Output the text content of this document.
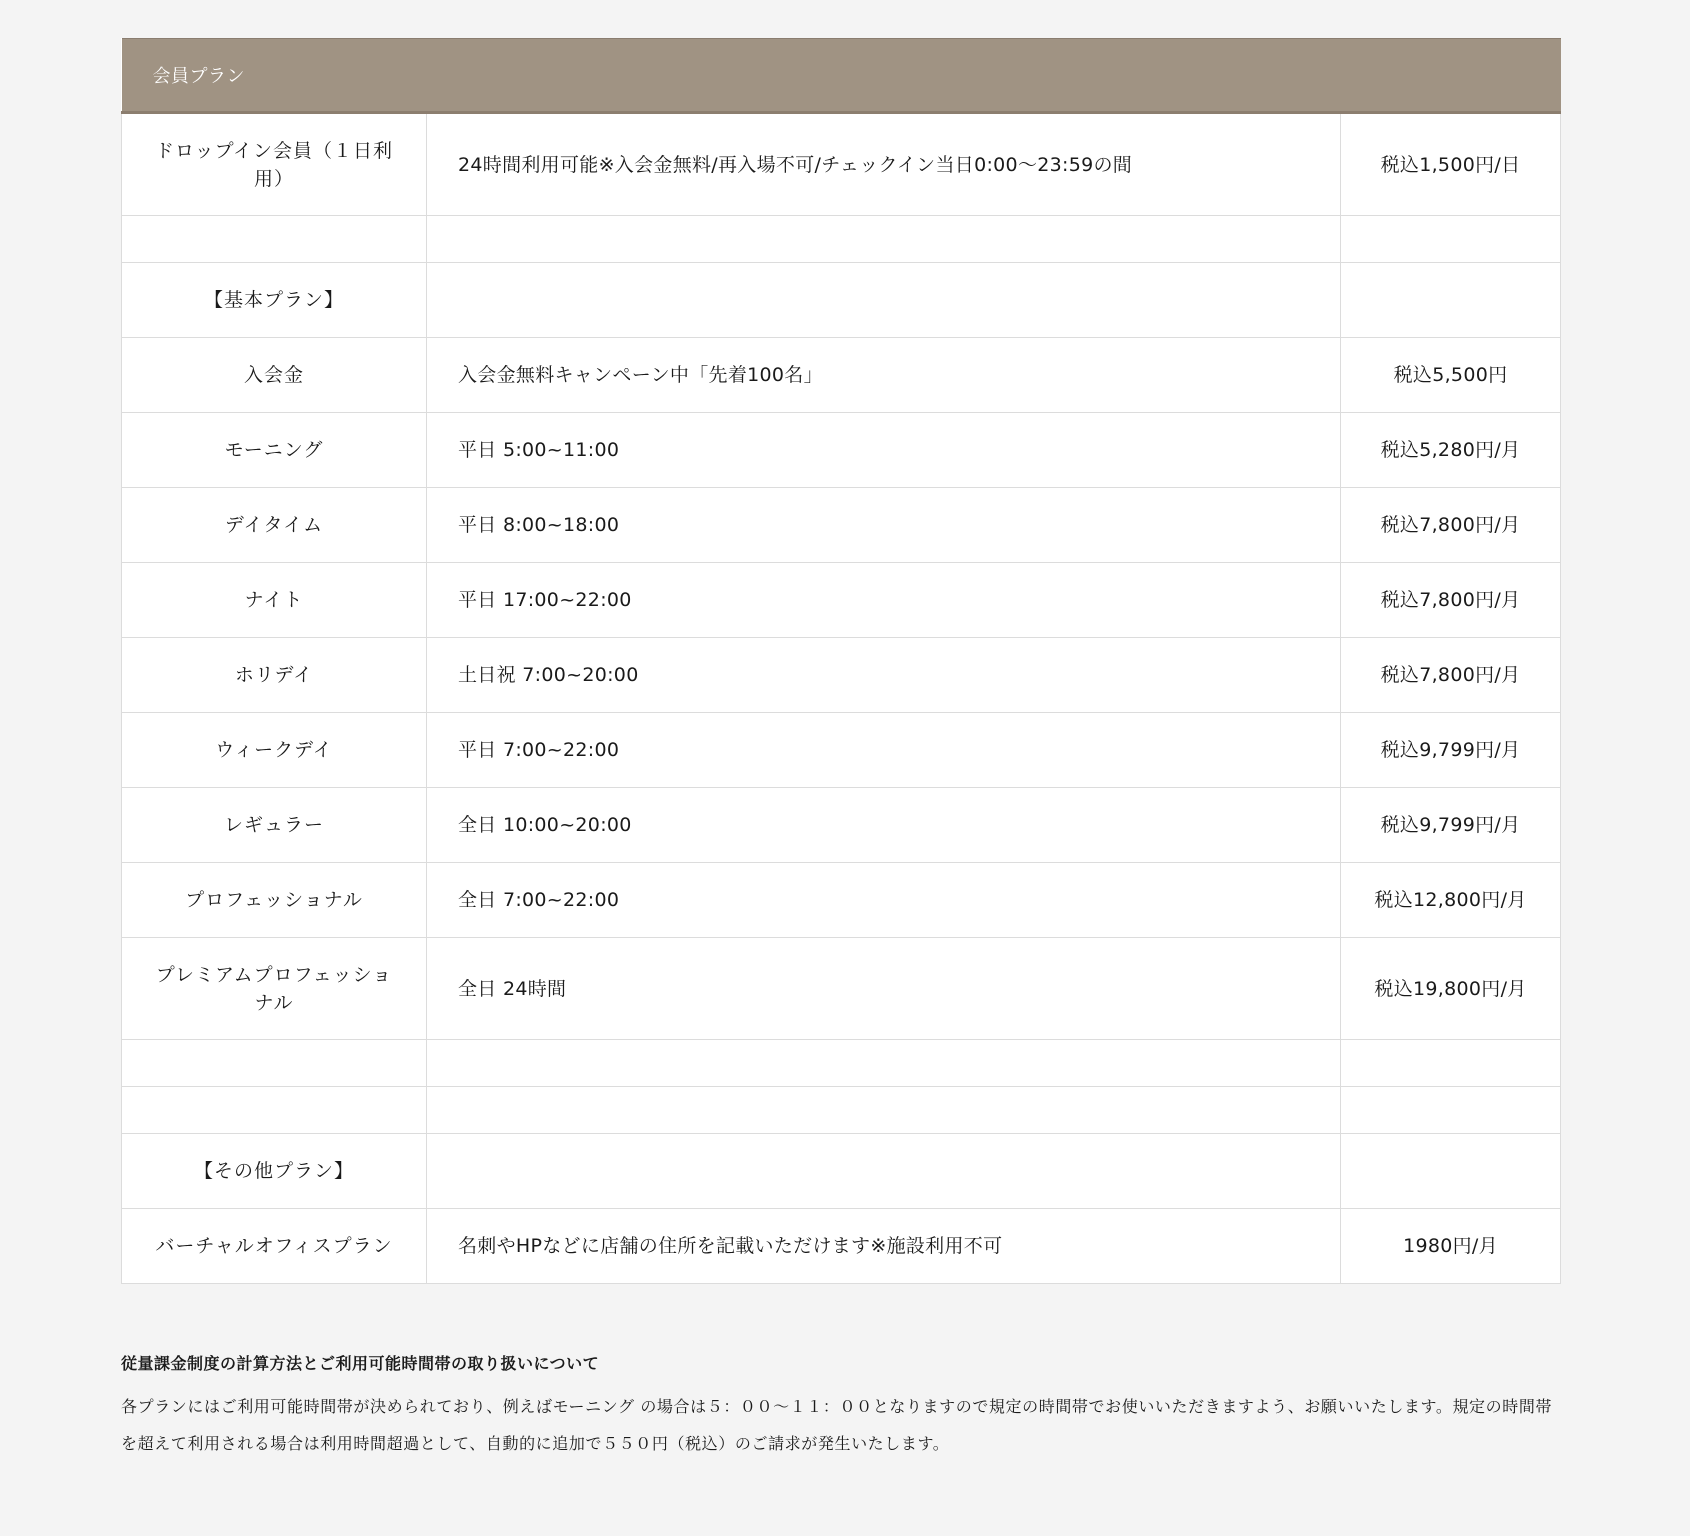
会員プラン		
ドロップイン会員（１日利用）	24時間利用可能※入会金無料/再入場不可/チェックイン当日0:00〜23:59の間	税込1,500円/日

【基本プラン】		
入会金	入会金無料キャンペーン中「先着100名」	税込5,500円
モーニング	平日 5:00~11:00	税込5,280円/月
デイタイム	平日 8:00~18:00	税込7,800円/月
ナイト	平日 17:00~22:00	税込7,800円/月
ホリデイ	土日祝 7:00~20:00	税込7,800円/月
ウィークデイ	平日 7:00~22:00	税込9,799円/月
レギュラー	全日 10:00~20:00	税込9,799円/月
プロフェッショナル	全日 7:00~22:00	税込12,800円/月
プレミアムプロフェッショナル	全日 24時間	税込19,800円/月

【その他プラン】		
バーチャルオフィスプラン	名刺やHPなどに店舗の住所を記載いただけます※施設利用不可	1980円/月

従量課金制度の計算方法とご利用可能時間帯の取り扱いについて

各プランにはご利用可能時間帯が決められており、例えばモーニング の場合は５：００〜１１：００となりますので規定の時間帯でお使いいただきますよう、お願いいたします。規定の時間帯を超えて利用される場合は利用時間超過として、自動的に追加で５５０円（税込）のご請求が発生いたします。
